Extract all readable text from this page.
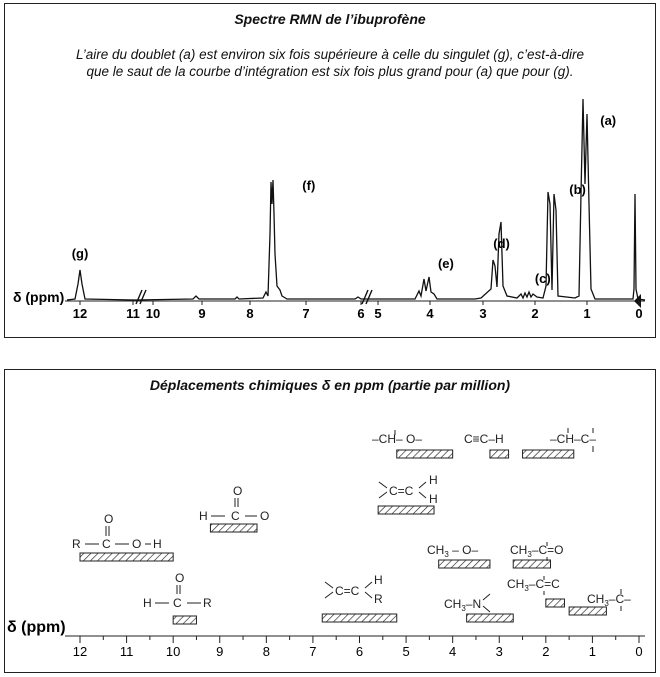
Spectre RMN de l’ibuprofène
L’aire du doublet (a) est environ six fois supérieure à celle du singulet (g), c’est-à-dire
que le saut de la courbe d’intégration est six fois plus grand pour (a) que pour (g).
δ (ppm)
12	11 10	9	8	7	6 5	4	3	2	1	0
(g)
(f)
(e)
(d)
(c)
(b)
(a)
Déplacements chimiques δ en ppm (partie par million)
δ (ppm)
12	11	10	9	8	7	6	5	4	3	2	1	0
–CH– O–	C≡C–H	–CH–C–
C=C
H
H
O
H C O
$CH_3 - O-$	$CH_3-C=O$
O
R C O H
$CH_3-C=C$
$CH_3-N$	$CH_3-C-$
O
H C R
C=C
H
R
